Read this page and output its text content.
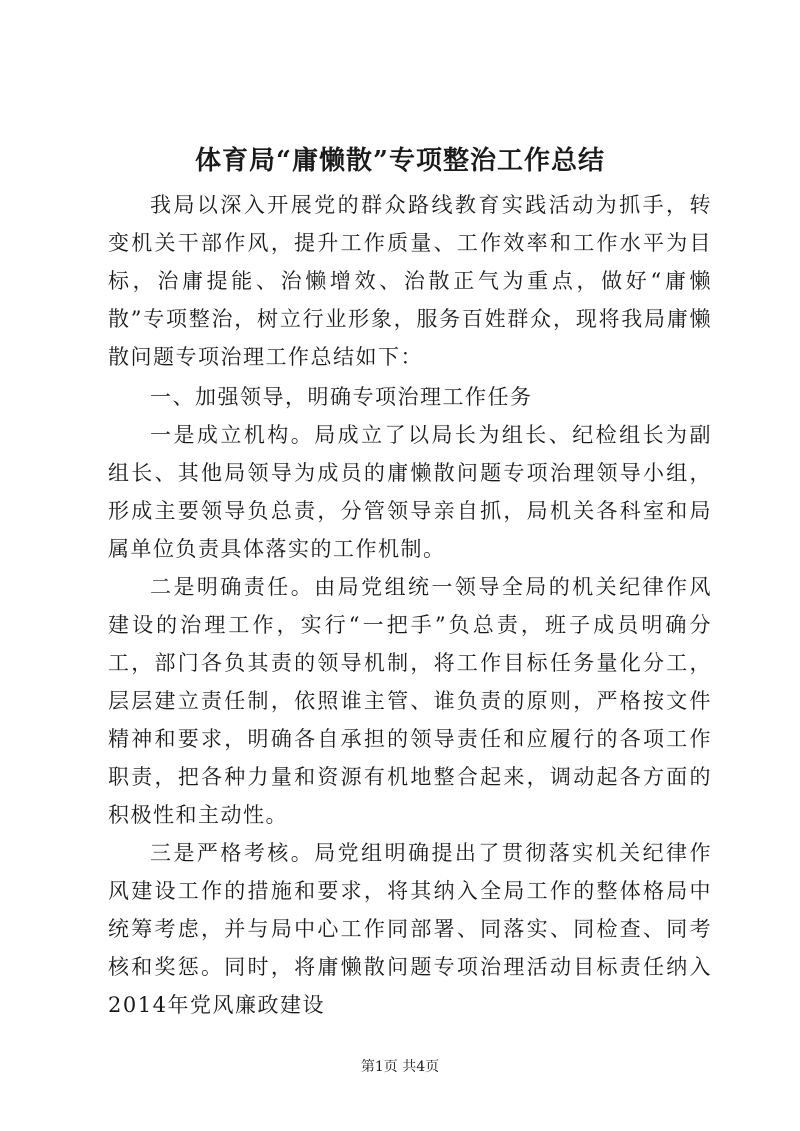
体育局“庸懒散”专项整治工作总结

我局以深入开展党的群众路线教育实践活动为抓手，转变机关干部作风，提升工作质量、工作效率和工作水平为目标，治庸提能、治懒增效、治散正气为重点，做好“庸懒散”专项整治，树立行业形象，服务百姓群众，现将我局庸懒散问题专项治理工作总结如下：

一、加强领导，明确专项治理工作任务

一是成立机构。局成立了以局长为组长、纪检组长为副组长、其他局领导为成员的庸懒散问题专项治理领导小组，形成主要领导负总责，分管领导亲自抓，局机关各科室和局属单位负责具体落实的工作机制。

二是明确责任。由局党组统一领导全局的机关纪律作风建设的治理工作，实行“一把手”负总责，班子成员明确分工，部门各负其责的领导机制，将工作目标任务量化分工，层层建立责任制，依照谁主管、谁负责的原则，严格按文件精神和要求，明确各自承担的领导责任和应履行的各项工作职责，把各种力量和资源有机地整合起来，调动起各方面的积极性和主动性。

三是严格考核。局党组明确提出了贯彻落实机关纪律作风建设工作的措施和要求，将其纳入全局工作的整体格局中统筹考虑，并与局中心工作同部署、同落实、同检查、同考核和奖惩。同时，将庸懒散问题专项治理活动目标责任纳入2014年党风廉政建设

第1页 共4页
